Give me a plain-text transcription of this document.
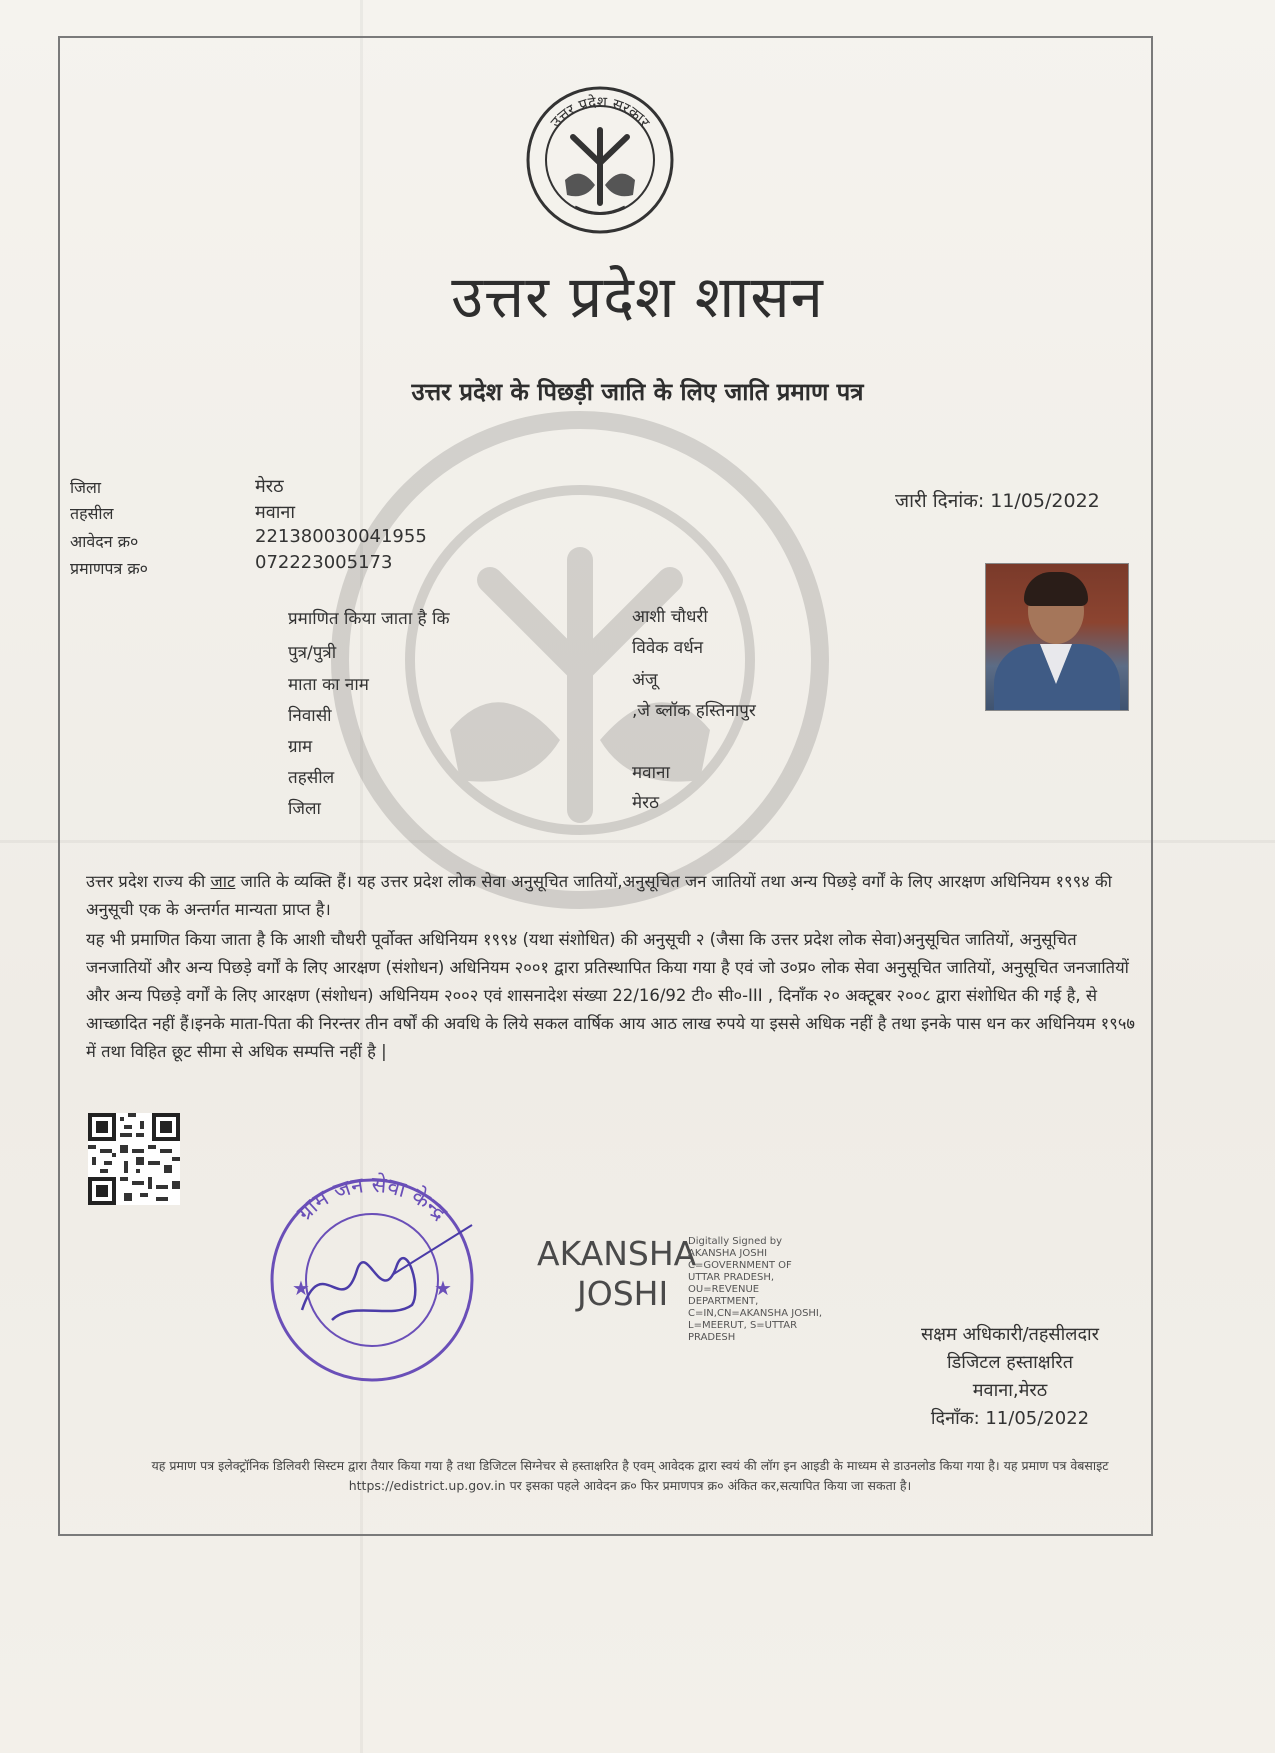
उत्तर प्रदेश सरकार
उत्तर प्रदेश शासन
उत्तर प्रदेश के पिछड़ी जाति के लिए जाति प्रमाण पत्र
जिला	मेरठ
तहसील	मवाना
आवेदन क्र०	221380030041955
प्रमाणपत्र क्र०	072223005173
जारी दिनांक: 11/05/2022
प्रमाणित किया जाता है कि	आशी चौधरी
पुत्र/पुत्री	विवेक वर्धन
माता का नाम	अंजू
निवासी	,जे ब्लॉक हस्तिनापुर
ग्राम
तहसील	मवाना
जिला	मेरठ
उत्तर प्रदेश राज्य की जाट जाति के व्यक्ति हैं। यह उत्तर प्रदेश लोक सेवा अनुसूचित जातियों,अनुसूचित जन जातियों तथा अन्य पिछड़े वर्गों के लिए आरक्षण अधिनियम १९९४ की अनुसूची एक के अन्तर्गत मान्यता प्राप्त है।
यह भी प्रमाणित किया जाता है कि आशी चौधरी पूर्वोक्त अधिनियम १९९४ (यथा संशोधित) की अनुसूची २ (जैसा कि उत्तर प्रदेश लोक सेवा)अनुसूचित जातियों, अनुसूचित जनजातियों और अन्य पिछड़े वर्गों के लिए आरक्षण (संशोधन) अधिनियम २००१ द्वारा प्रतिस्थापित किया गया है एवं जो उ०प्र० लोक सेवा अनुसूचित जातियों, अनुसूचित जनजातियों और अन्य पिछड़े वर्गों के लिए आरक्षण (संशोधन) अधिनियम २००२ एवं शासनादेश संख्या 22/16/92 टी० सी०-III , दिनाँक २० अक्टूबर २००८ द्वारा संशोधित की गई है, से आच्छादित नहीं हैं।इनके माता-पिता की निरन्तर तीन वर्षों की अवधि के लिये सकल वार्षिक आय आठ लाख रुपये या इससे अधिक नहीं है तथा इनके पास धन कर अधिनियम १९५७ में तथा विहित छूट सीमा से अधिक सम्पत्ति नहीं है |
ग्राम जन सेवा केन्द्र
★	★
AKANSHA
JOSHI
Digitally Signed by
AKANSHA JOSHI
C=GOVERNMENT OF
UTTAR PRADESH,
OU=REVENUE
DEPARTMENT,
C=IN,CN=AKANSHA JOSHI,
L=MEERUT, S=UTTAR
PRADESH	सक्षम अधिकारी/तहसीलदार
डिजिटल हस्ताक्षरित
मवाना,मेरठ
दिनाँक: 11/05/2022
यह प्रमाण पत्र इलेक्ट्रॉनिक डिलिवरी सिस्टम द्वारा तैयार किया गया है तथा डिजिटल सिग्नेचर से हस्ताक्षरित है एवम् आवेदक द्वारा स्वयं की लॉग इन आइडी के माध्यम से डाउनलोड किया गया है। यह प्रमाण पत्र वेबसाइट https://edistrict.up.gov.in पर इसका पहले आवेदन क्र० फिर प्रमाणपत्र क्र० अंकित कर,सत्यापित किया जा सकता है।
